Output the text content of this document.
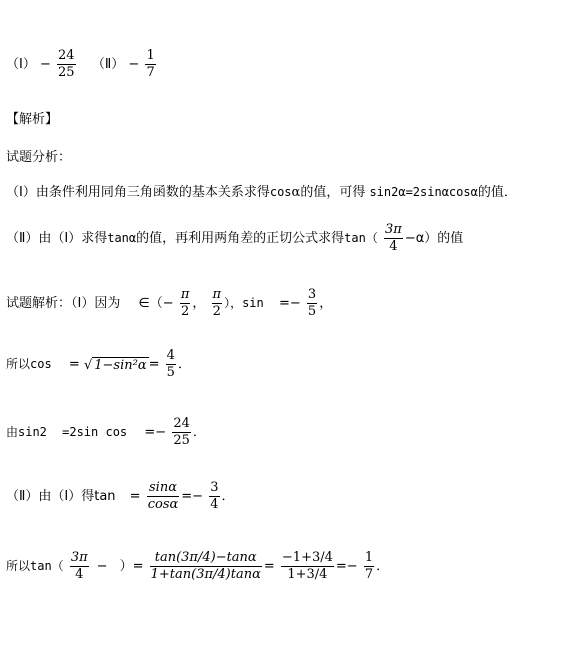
（Ⅰ） − $\frac{24}{25}$ （Ⅱ） − $\frac{1}{7}$
【解析】
试题分析：
（Ⅰ）由条件利用同角三角函数的基本关系求得cosα的值，可得 sin2α=2sinαcosα的值．
（Ⅱ）由（Ⅰ）求得tanα的值，再利用两角差的正切公式求得$\tan( \frac{3\pi}{4} -\alpha)$的值
试题解析：（Ⅰ）因为 ∈（− $\frac{\pi}{2}$ ， $\frac{\pi}{2}$ ），$\sin =- \frac{3}{5}$ ，
所以cos = √ $1-\sin^2\alpha = \frac{4}{5}$ ．
由sin2 =2sin $\cos =- \frac{24}{25}$ ．
（Ⅱ）由（Ⅰ）得$\tan = \frac{\sin\alpha}{\cos\alpha} =- \frac{3}{4}$ ．
所以$\tan( \frac{3\pi}{4}$ − ）= $\frac{\tan(3\pi/4)-\tan\alpha}{1+\tan(3\pi/4)\tan\alpha} = \frac{-1+3/4}{1+3/4} =- \frac{1}{7}$ ．
